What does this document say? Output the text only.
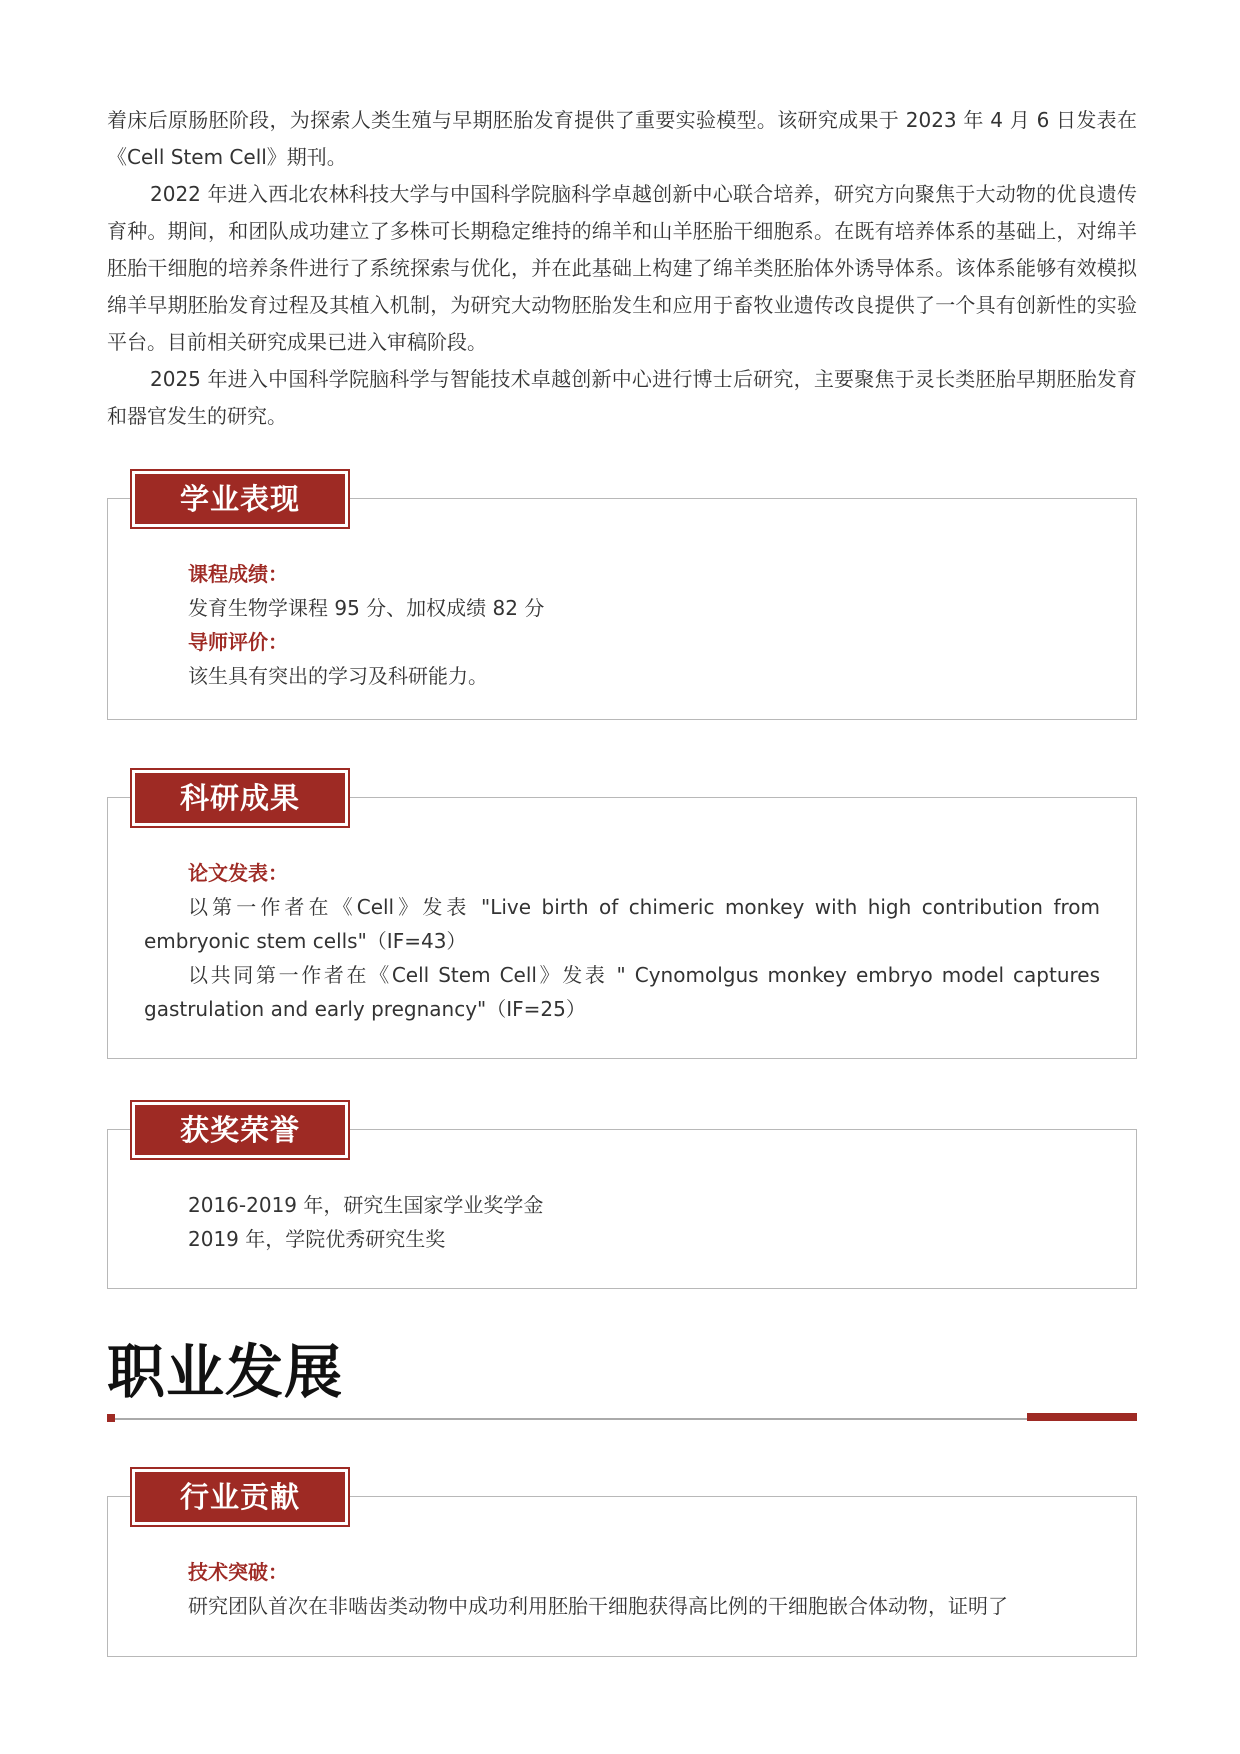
着床后原肠胚阶段，为探索人类生殖与早期胚胎发育提供了重要实验模型。该研究成果于 2023 年 4 月 6 日发表在《Cell Stem Cell》期刊。

2022 年进入西北农林科技大学与中国科学院脑科学卓越创新中心联合培养，研究方向聚焦于大动物的优良遗传育种。期间，和团队成功建立了多株可长期稳定维持的绵羊和山羊胚胎干细胞系。在既有培养体系的基础上，对绵羊胚胎干细胞的培养条件进行了系统探索与优化，并在此基础上构建了绵羊类胚胎体外诱导体系。该体系能够有效模拟绵羊早期胚胎发育过程及其植入机制，为研究大动物胚胎发生和应用于畜牧业遗传改良提供了一个具有创新性的实验平台。目前相关研究成果已进入审稿阶段。

2025 年进入中国科学院脑科学与智能技术卓越创新中心进行博士后研究，主要聚焦于灵长类胚胎早期胚胎发育和器官发生的研究。

学业表现
课程成绩：
发育生物学课程 95 分、加权成绩 82 分
导师评价：
该生具有突出的学习及科研能力。
科研成果
论文发表：
以第一作者在《Cell》发表 "Live birth of chimeric monkey with high contribution from embryonic stem cells"（IF=43）
以共同第一作者在《Cell Stem Cell》发表 " Cynomolgus monkey embryo model captures gastrulation and early pregnancy"（IF=25）
获奖荣誉
2016-2019 年，研究生国家学业奖学金
2019 年，学院优秀研究生奖
职业发展
行业贡献
技术突破：
研究团队首次在非啮齿类动物中成功利用胚胎干细胞获得高比例的干细胞嵌合体动物，证明了
